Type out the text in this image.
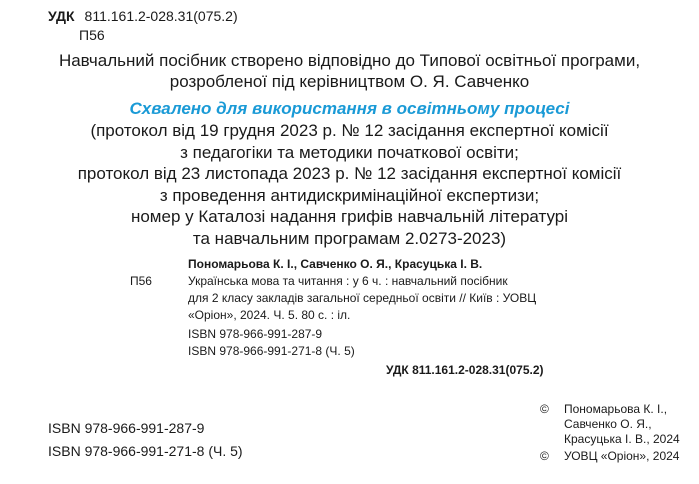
УДК 811.161.2-028.31(075.2)
П56
Навчальний посібник створено відповідно до Типової освітньої програми,
розробленої під керівництвом О. Я. Савченко
Схвалено для використання в освітньому процесі
(протокол від 19 грудня 2023 р. № 12 засідання експертної комісії
з педагогіки та методики початкової освіти;
протокол від 23 листопада 2023 р. № 12 засідання експертної комісії
з проведення антидискримінаційної експертизи;
номер у Каталозі надання грифів навчальній літературі
та навчальним програмам 2.0273-2023)
Пономарьова К. І., Савченко О. Я., Красуцька І. В.
П56	Українська мова та читання : у 6 ч. : навчальний посібник
для 2 класу закладів загальної середньої освіти // Київ : УОВЦ
«Оріон», 2024. Ч. 5. 80 с. : іл.
ISBN 978-966-991-287-9
ISBN 978-966-991-271-8 (Ч. 5)
УДК 811.161.2-028.31(075.2)
ISBN 978-966-991-287-9
ISBN 978-966-991-271-8 (Ч. 5)
© Пономарьова К. І.,
Савченко О. Я.,
Красуцька І. В., 2024
© УОВЦ «Оріон», 2024
